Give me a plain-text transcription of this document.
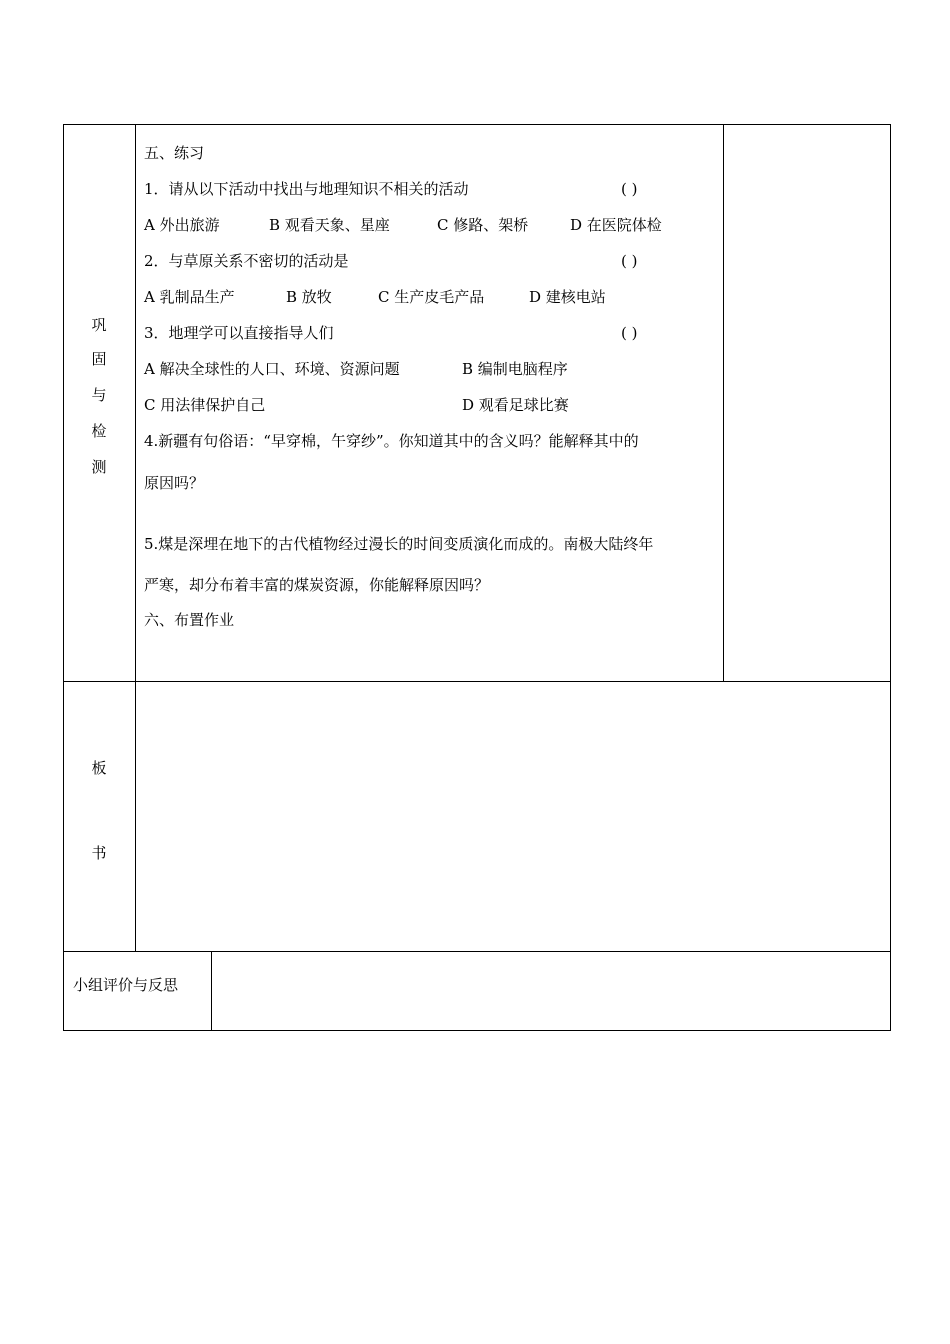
巩
固
与
检
测
五、练习
1．请从以下活动中找出与地理知识不相关的活动	( )
A 外出旅游	B 观看天象、星座	C 修路、架桥	D 在医院体检
2．与草原关系不密切的活动是	( )
A 乳制品生产	B 放牧	C 生产皮毛产品	D 建核电站
3．地理学可以直接指导人们	( )
A 解决全球性的人口、环境、资源问题	B 编制电脑程序
C 用法律保护自己	D 观看足球比赛
4.新疆有句俗语：“早穿棉，午穿纱”。你知道其中的含义吗？能解释其中的
原因吗？
5.煤是深埋在地下的古代植物经过漫长的时间变质演化而成的。南极大陆终年
严寒，却分布着丰富的煤炭资源，你能解释原因吗？
六、布置作业
板
书
小组评价与反思
